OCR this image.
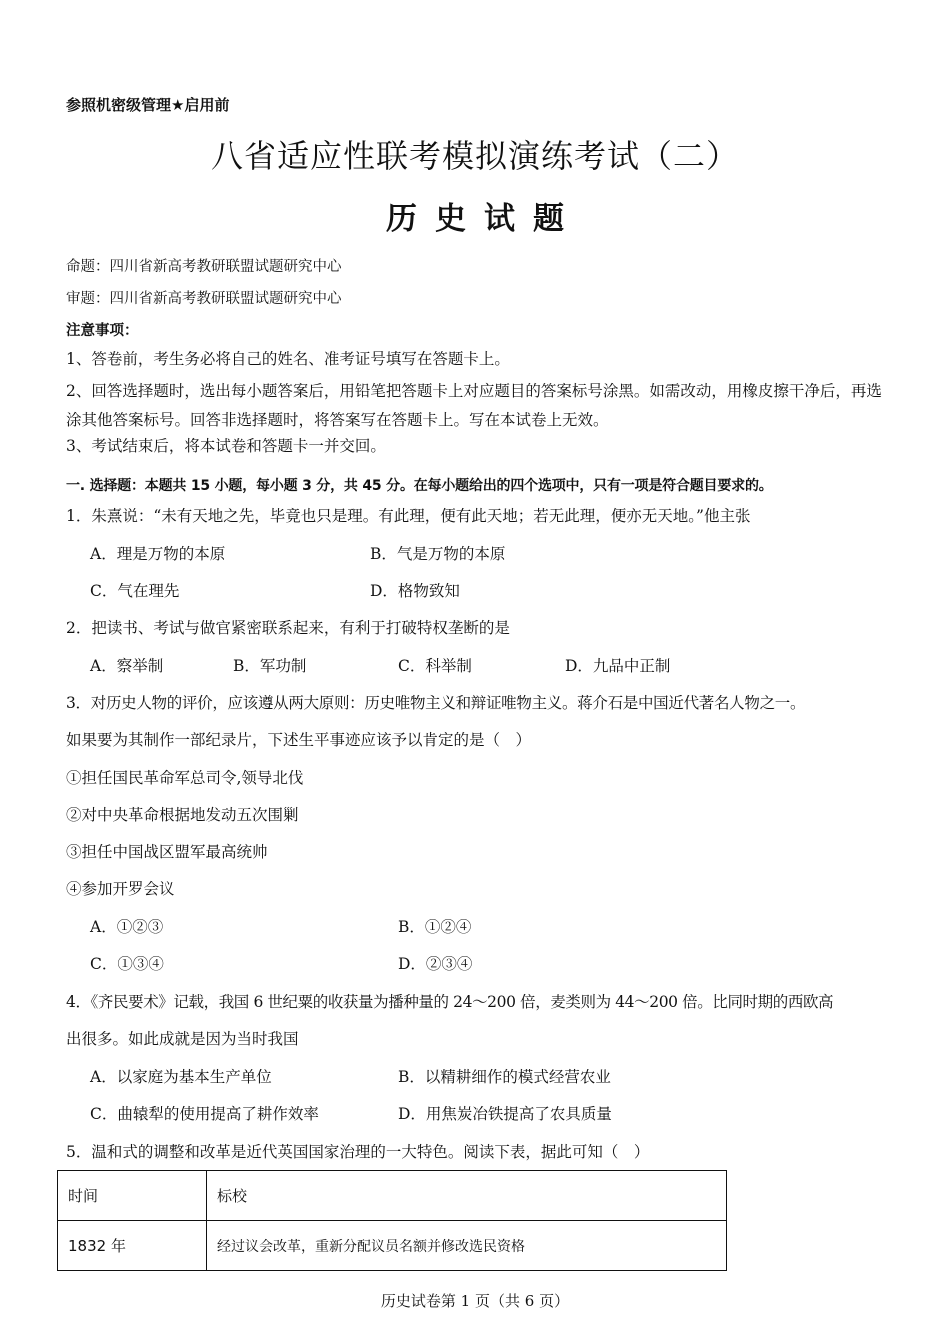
参照机密级管理★启用前
八省适应性联考模拟演练考试（二）
历史试题
命题：四川省新高考教研联盟试题研究中心
审题：四川省新高考教研联盟试题研究中心
注意事项：
1、答卷前，考生务必将自己的姓名、准考证号填写在答题卡上。
2、回答选择题时，选出每小题答案后，用铅笔把答题卡上对应题目的答案标号涂黑。如需改动，用橡皮擦干净后，再选涂其他答案标号。回答非选择题时，将答案写在答题卡上。写在本试卷上无效。
3、考试结束后，将本试卷和答题卡一并交回。
一. 选择题：本题共 15 小题，每小题 3 分，共 45 分。在每小题给出的四个选项中，只有一项是符合题目要求的。
1．朱熹说：“未有天地之先，毕竟也只是理。有此理，便有此天地；若无此理，便亦无天地。”他主张
A．理是万物的本原	B．气是万物的本原
C．气在理先	D．格物致知
2．把读书、考试与做官紧密联系起来，有利于打破特权垄断的是
A．察举制	B．军功制	C．科举制	D．九品中正制
3．对历史人物的评价，应该遵从两大原则：历史唯物主义和辩证唯物主义。蒋介石是中国近代著名人物之一。
如果要为其制作一部纪录片，下述生平事迹应该予以肯定的是（　）
①担任国民革命军总司令,领导北伐
②对中央革命根据地发动五次围剿
③担任中国战区盟军最高统帅
④参加开罗会议
A．①②③	B．①②④
C．①③④	D．②③④
4．《齐民要术》记载，我国 6 世纪粟的收获量为播种量的 24～200 倍，麦类则为 44～200 倍。比同时期的西欧高
出很多。如此成就是因为当时我国
A．以家庭为基本生产单位	B．以精耕细作的模式经营农业
C．曲辕犁的使用提高了耕作效率	D．用焦炭冶铁提高了农具质量
5．温和式的调整和改革是近代英国国家治理的一大特色。阅读下表，据此可知（　）
时间	标校
1832 年	经过议会改革，重新分配议员名额并修改选民资格
历史试卷第 1 页（共 6 页）
